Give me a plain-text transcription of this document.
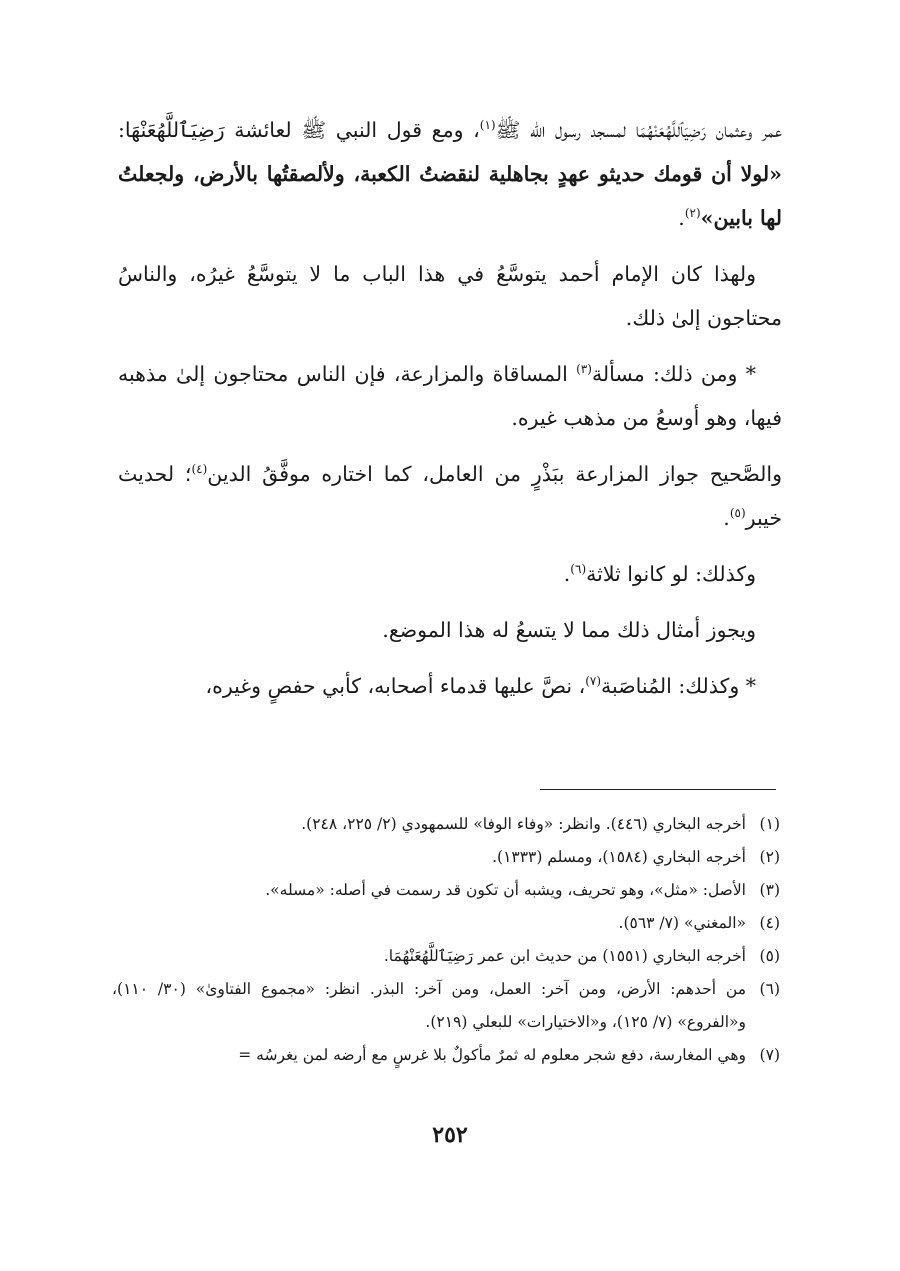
عمر وعثمان رَضِيَٱللَّهُعَنْهُمَا لمسجد رسول الله ﷺ$^{(١)}$، ومع قول النبي ﷺ لعائشة رَضِيَٱللَّهُعَنْهَا: «لولا أن قومك حديثو عهدٍ بجاهلية لنقضتُ الكعبة، ولألصقتُها بالأرض، ولجعلتُ لها بابين»$^{(٢)}$.

ولهذا كان الإمام أحمد يتوسَّعُ في هذا الباب ما لا يتوسَّعُ غيرُه، والناسُ محتاجون إلىٰ ذلك.

* ومن ذلك: مسألة$^{(٣)}$ المساقاة والمزارعة، فإن الناس محتاجون إلىٰ مذهبه فيها، وهو أوسعُ من مذهب غيره.

والصَّحيح جواز المزارعة ببَذْرٍ من العامل، كما اختاره موفَّقُ الدين$^{(٤)}$؛ لحديث خيبر$^{(٥)}$.

وكذلك: لو كانوا ثلاثة$^{(٦)}$.

ويجوز أمثال ذلك مما لا يتسعُ له هذا الموضع.

* وكذلك: المُناصَبة$^{(٧)}$، نصَّ عليها قدماء أصحابه، كأبي حفصٍ وغيره،

(١)
أخرجه البخاري (٤٤٦). وانظر: «وفاء الوفا» للسمهودي (٢/ ٢٢٥، ٢٤٨).
(٢)
أخرجه البخاري (١٥٨٤)، ومسلم (١٣٣٣).
(٣)
الأصل: «مثل»، وهو تحريف، ويشبه أن تكون قد رسمت في أصله: «مسله».
(٤)
«المغني» (٧/ ٥٦٣).
(٥)
أخرجه البخاري (١٥٥١) من حديث ابن عمر رَضِيَٱللَّهُعَنْهُمَا.
(٦)
من أحدهم: الأرض، ومن آخر: العمل، ومن آخر: البذر. انظر: «مجموع الفتاوىٰ» (٣٠/ ١١٠)، و«الفروع» (٧/ ١٢٥)، و«الاختيارات» للبعلي (٢١٩).
(٧)
وهي المغارسة، دفع شجر معلوم له ثمرٌ مأكولٌ بلا غرسٍ مع أرضه لمن يغرسُه =
٢٥٢
